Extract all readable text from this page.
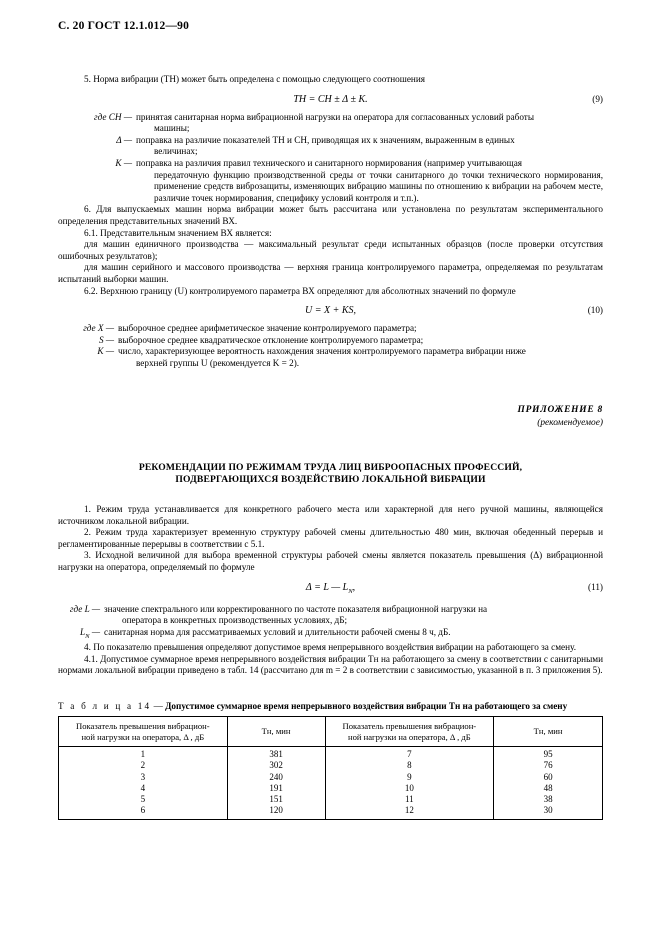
С. 20 ГОСТ 12.1.012—90

5. Норма вибрации (ТН) может быть определена с помощью следующего соотношения

TH = CH ± Δ ± K.	(9)
где CH — принятая санитарная норма вибрационной нагрузки на оператора для согласованных условий работы
машины;
Δ — поправка на различие показателей ТН и CH, приводящая их к значениям, выраженным в единых
величинах;
K — поправка на различия правил технического и санитарного нормирования (например учитывающая
передаточную функцию производственной среды от точки санитарного до точки технического нормирования, применение средств виброзащиты, изменяющих вибрацию машины по отношению к вибрации на рабочем месте, различие точек нормирования, специфику условий контроля и т.п.).

6. Для выпускаемых машин норма вибрации может быть рассчитана или установлена по результатам экспериментального определения представительных значений ВХ.

6.1. Представительным значением ВХ является:

для машин единичного производства — максимальный результат среди испытанных образцов (после проверки отсутствия ошибочных результатов);

для машин серийного и массового производства — верхняя граница контролируемого параметра, определяемая по результатам испытаний выборки машин.

6.2. Верхнюю границу (U) контролируемого параметра ВХ определяют для абсолютных значений по формуле

U = X + KS,	(10)
где X — выборочное среднее арифметическое значение контролируемого параметра;
S — выборочное среднее квадратическое отклонение контролируемого параметра;
K — число, характеризующее вероятность нахождения значения контролируемого параметра вибрации ниже
верхней группы U (рекомендуется K = 2).
ПРИЛОЖЕНИЕ 8
(рекомендуемое)
РЕКОМЕНДАЦИИ ПО РЕЖИМАМ ТРУДА ЛИЦ ВИБРООПАСНЫХ ПРОФЕССИЙ,
ПОДВЕРГАЮЩИХСЯ ВОЗДЕЙСТВИЮ ЛОКАЛЬНОЙ ВИБРАЦИИ

1. Режим труда устанавливается для конкретного рабочего места или характерной для него ручной машины, являющейся источником локальной вибрации.

2. Режим труда характеризует временную структуру рабочей смены длительностью 480 мин, включая обеденный перерыв и регламентированные перерывы в соответствии с 5.1.

3. Исходной величиной для выбора временной структуры рабочей смены является показатель превышения (Δ) вибрационной нагрузки на оператора, определяемый по формуле

Δ = L — $L_N$,	(11)
где L — значение спектрального или корректированного по частоте показателя вибрационной нагрузки на
оператора в конкретных производственных условиях, дБ;
$L_N$ — санитарная норма для рассматриваемых условий и длительности рабочей смены 8 ч, дБ.

4. По показателю превышения определяют допустимое время непрерывного воздействия вибрации на работающего за смену.

4.1. Допустимое суммарное время непрерывного воздействия вибрации Tн на работающего за смену в соответствии с санитарными нормами локальной вибрации приведено в табл. 14 (рассчитано для m = 2 в соответствии с зависимостью, указанной в п. 3 приложения 5).

Т а б л и ц а 14 — Допустимое суммарное время непрерывного воздействия вибрации Tн на работающего за смену
Показатель превышения вибрацион-
ной нагрузки на оператора, Δ , дБ	Tн, мин	Показатель превышения вибрацион-
ной нагрузки на оператора, Δ , дБ	Tн, мин

1	381	7	95
2	302	8	76
3	240	9	60
4	191	10	48
5	151	11	38
6	120	12	30
